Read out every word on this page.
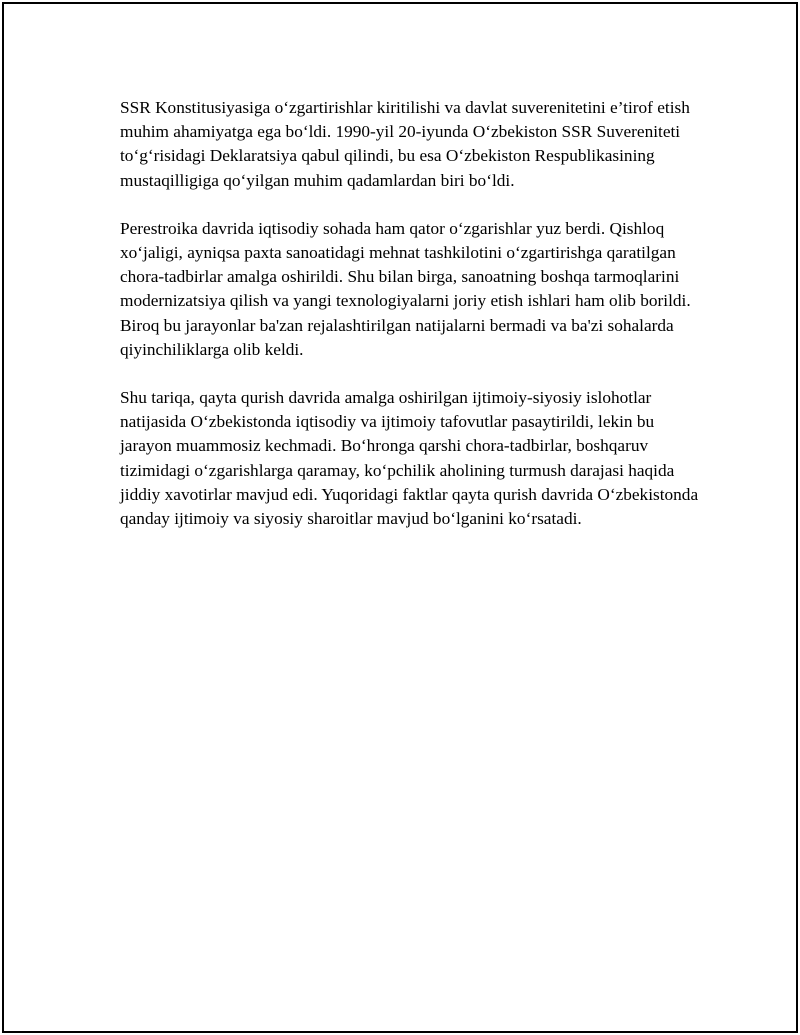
SSR Konstitusiyasiga o‘zgartirishlar kiritilishi va davlat suverenitetini e’tirof etish muhim ahamiyatga ega bo‘ldi. 1990-yil 20-iyunda O‘zbekiston SSR Suvereniteti to‘g‘risidagi Deklaratsiya qabul qilindi, bu esa O‘zbekiston Respublikasining mustaqilligiga qo‘yilgan muhim qadamlardan biri bo‘ldi.

Perestroika davrida iqtisodiy sohada ham qator o‘zgarishlar yuz berdi. Qishloq xo‘jaligi, ayniqsa paxta sanoatidagi mehnat tashkilotini o‘zgartirishga qaratilgan chora-tadbirlar amalga oshirildi. Shu bilan birga, sanoatning boshqa tarmoqlarini modernizatsiya qilish va yangi texnologiyalarni joriy etish ishlari ham olib borildi. Biroq bu jarayonlar ba'zan rejalashtirilgan natijalarni bermadi va ba'zi sohalarda qiyinchiliklarga olib keldi.

Shu tariqa, qayta qurish davrida amalga oshirilgan ijtimoiy-siyosiy islohotlar natijasida O‘zbekistonda iqtisodiy va ijtimoiy tafovutlar pasaytirildi, lekin bu jarayon muammosiz kechmadi. Bo‘hronga qarshi chora-tadbirlar, boshqaruv tizimidagi o‘zgarishlarga qaramay, ko‘pchilik aholining turmush darajasi haqida jiddiy xavotirlar mavjud edi. Yuqoridagi faktlar qayta qurish davrida O‘zbekistonda qanday ijtimoiy va siyosiy sharoitlar mavjud bo‘lganini ko‘rsatadi.
